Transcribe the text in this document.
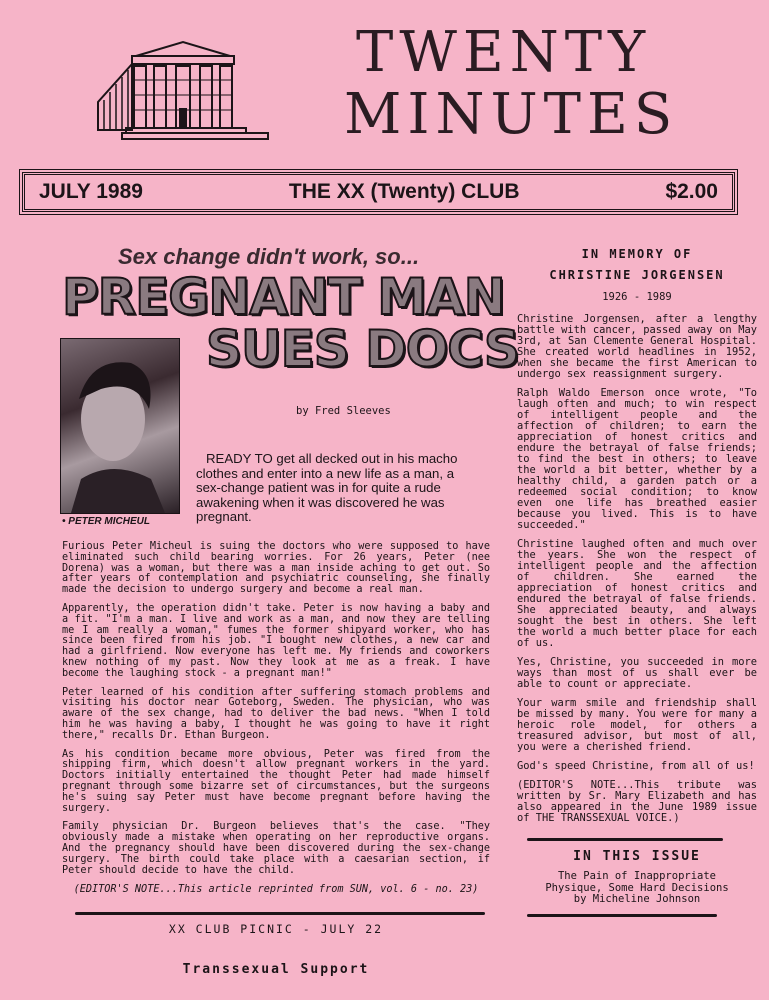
TWENTY
MINUTES
JULY 1989	THE XX (Twenty) CLUB	$2.00
Sex change didn't work, so...
PREGNANT MAN
SUES DOCS
• PETER MICHEUL
by Fred Sleeves
READY TO get all decked out in his macho clothes and enter into a new life as a man, a sex-change patient was in for quite a rude awakening when it was discovered he was pregnant.

Furious Peter Micheul is suing the doctors who were supposed to have eliminated such child bearing worries. For 26 years, Peter (nee Dorena) was a woman, but there was a man inside aching to get out. So after years of contemplation and psychiatric counseling, she finally made the decision to undergo surgery and become a real man.

Apparently, the operation didn't take. Peter is now having a baby and a fit. "I'm a man. I live and work as a man, and now they are telling me I am really a woman," fumes the former shipyard worker, who has since been fired from his job. "I bought new clothes, a new car and had a girlfriend. Now everyone has left me. My friends and coworkers knew nothing of my past. Now they look at me as a freak. I have become the laughing stock - a pregnant man!"

Peter learned of his condition after suffering stomach problems and visiting his doctor near Goteborg, Sweden. The physician, who was aware of the sex change, had to deliver the bad news. "When I told him he was having a baby, I thought he was going to have it right there," recalls Dr. Ethan Burgeon.

As his condition became more obvious, Peter was fired from the shipping firm, which doesn't allow pregnant workers in the yard. Doctors initially entertained the thought Peter had made himself pregnant through some bizarre set of circumstances, but the surgeons he's suing say Peter must have become pregnant before having the surgery.

Family physician Dr. Burgeon believes that's the case. "They obviously made a mistake when operating on her reproductive organs. And the pregnancy should have been discovered during the sex-change surgery. The birth could take place with a caesarian section, if Peter should decide to have the child.

(EDITOR'S NOTE...This article reprinted from SUN, vol. 6 - no. 23)
XX CLUB PICNIC - JULY 22
Transsexual Support
IN MEMORY OF
CHRISTINE JORGENSEN
1926 - 1989

Christine Jorgensen, after a lengthy battle with cancer, passed away on May 3rd, at San Clemente General Hospital. She created world headlines in 1952, when she became the first American to undergo sex reassignment surgery.

Ralph Waldo Emerson once wrote, "To laugh often and much; to win respect of intelligent people and the affection of children; to earn the appreciation of honest critics and endure the betrayal of false friends; to find the best in others; to leave the world a bit better, whether by a healthy child, a garden patch or a redeemed social condition; to know even one life has breathed easier because you lived. This is to have succeeded."

Christine laughed often and much over the years. She won the respect of intelligent people and the affection of children. She earned the appreciation of honest critics and endured the betrayal of false friends. She appreciated beauty, and always sought the best in others. She left the world a much better place for each of us.

Yes, Christine, you succeeded in more ways than most of us shall ever be able to count or appreciate.

Your warm smile and friendship shall be missed by many. You were for many a heroic role model, for others a treasured advisor, but most of all, you were a cherished friend.

God's speed Christine, from all of us!

(EDITOR'S NOTE...This tribute was written by Sr. Mary Elizabeth and has also appeared in the June 1989 issue of THE TRANSSEXUAL VOICE.)

IN THIS ISSUE
The Pain of Inappropriate
Physique, Some Hard Decisions
by Micheline Johnson
